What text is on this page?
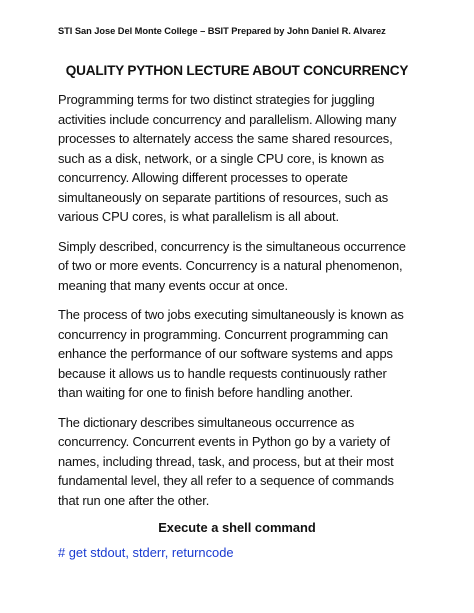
STI San Jose Del Monte College – BSIT Prepared by John Daniel R. Alvarez
QUALITY PYTHON LECTURE ABOUT CONCURRENCY
Programming terms for two distinct strategies for juggling
activities include concurrency and parallelism. Allowing many
processes to alternately access the same shared resources,
such as a disk, network, or a single CPU core, is known as
concurrency. Allowing different processes to operate
simultaneously on separate partitions of resources, such as
various CPU cores, is what parallelism is all about.
Simply described, concurrency is the simultaneous occurrence
of two or more events. Concurrency is a natural phenomenon,
meaning that many events occur at once.
The process of two jobs executing simultaneously is known as
concurrency in programming. Concurrent programming can
enhance the performance of our software systems and apps
because it allows us to handle requests continuously rather
than waiting for one to finish before handling another.
The dictionary describes simultaneous occurrence as
concurrency. Concurrent events in Python go by a variety of
names, including thread, task, and process, but at their most
fundamental level, they all refer to a sequence of commands
that run one after the other.
Execute a shell command
# get stdout, stderr, returncode
